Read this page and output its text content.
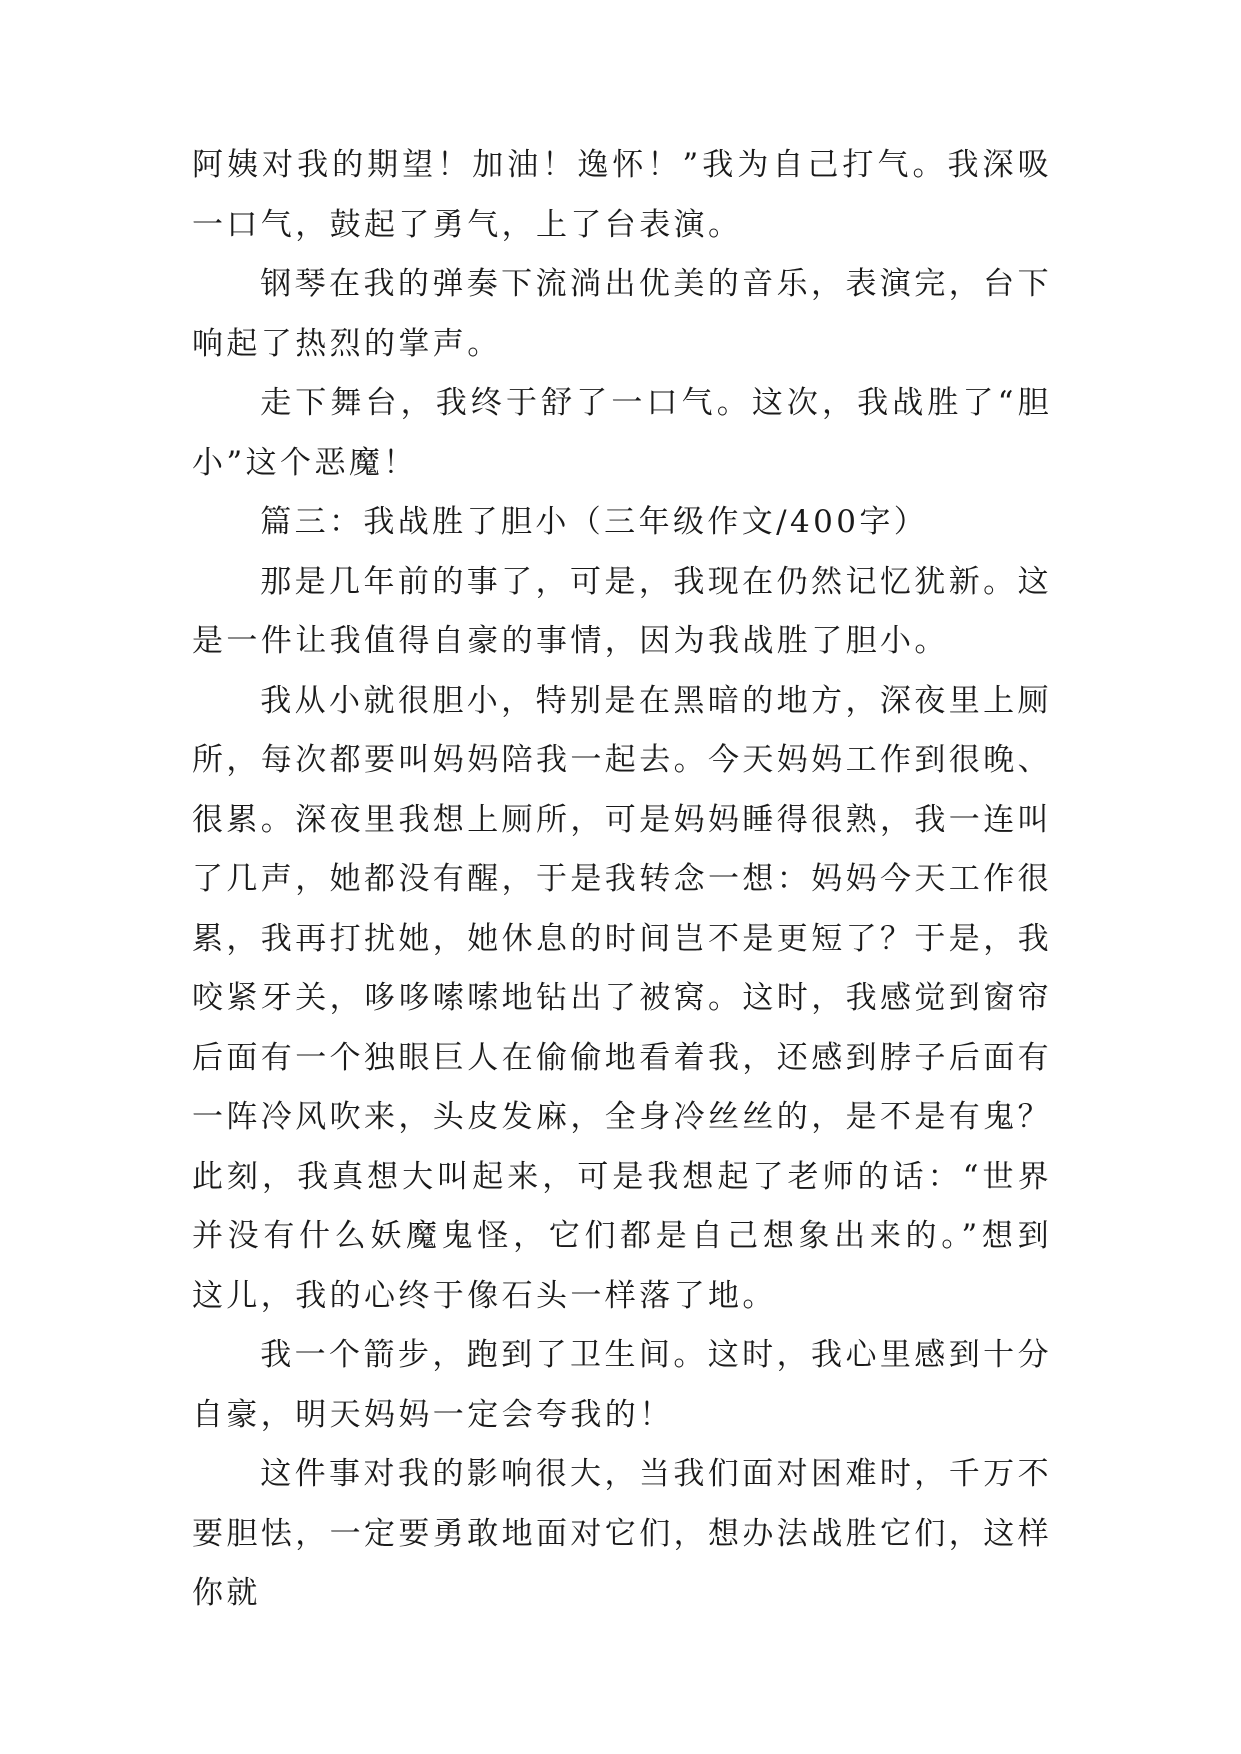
阿姨对我的期望！加油！逸怀！”我为自己打气。我深吸一口气，鼓起了勇气，上了台表演。

钢琴在我的弹奏下流淌出优美的音乐，表演完，台下响起了热烈的掌声。

走下舞台，我终于舒了一口气。这次，我战胜了“胆小”这个恶魔！

篇三：我战胜了胆小（三年级作文/400字）

那是几年前的事了，可是，我现在仍然记忆犹新。这是一件让我值得自豪的事情，因为我战胜了胆小。

我从小就很胆小，特别是在黑暗的地方，深夜里上厕所，每次都要叫妈妈陪我一起去。今天妈妈工作到很晚、很累。深夜里我想上厕所，可是妈妈睡得很熟，我一连叫了几声，她都没有醒，于是我转念一想：妈妈今天工作很累，我再打扰她，她休息的时间岂不是更短了？于是，我咬紧牙关，哆哆嗦嗦地钻出了被窝。这时，我感觉到窗帘后面有一个独眼巨人在偷偷地看着我，还感到脖子后面有一阵冷风吹来，头皮发麻，全身冷丝丝的，是不是有鬼？此刻，我真想大叫起来，可是我想起了老师的话：“世界并没有什么妖魔鬼怪，它们都是自己想象出来的。”想到这儿，我的心终于像石头一样落了地。

我一个箭步，跑到了卫生间。这时，我心里感到十分自豪，明天妈妈一定会夸我的！

这件事对我的影响很大，当我们面对困难时，千万不要胆怯，一定要勇敢地面对它们，想办法战胜它们，这样你就
